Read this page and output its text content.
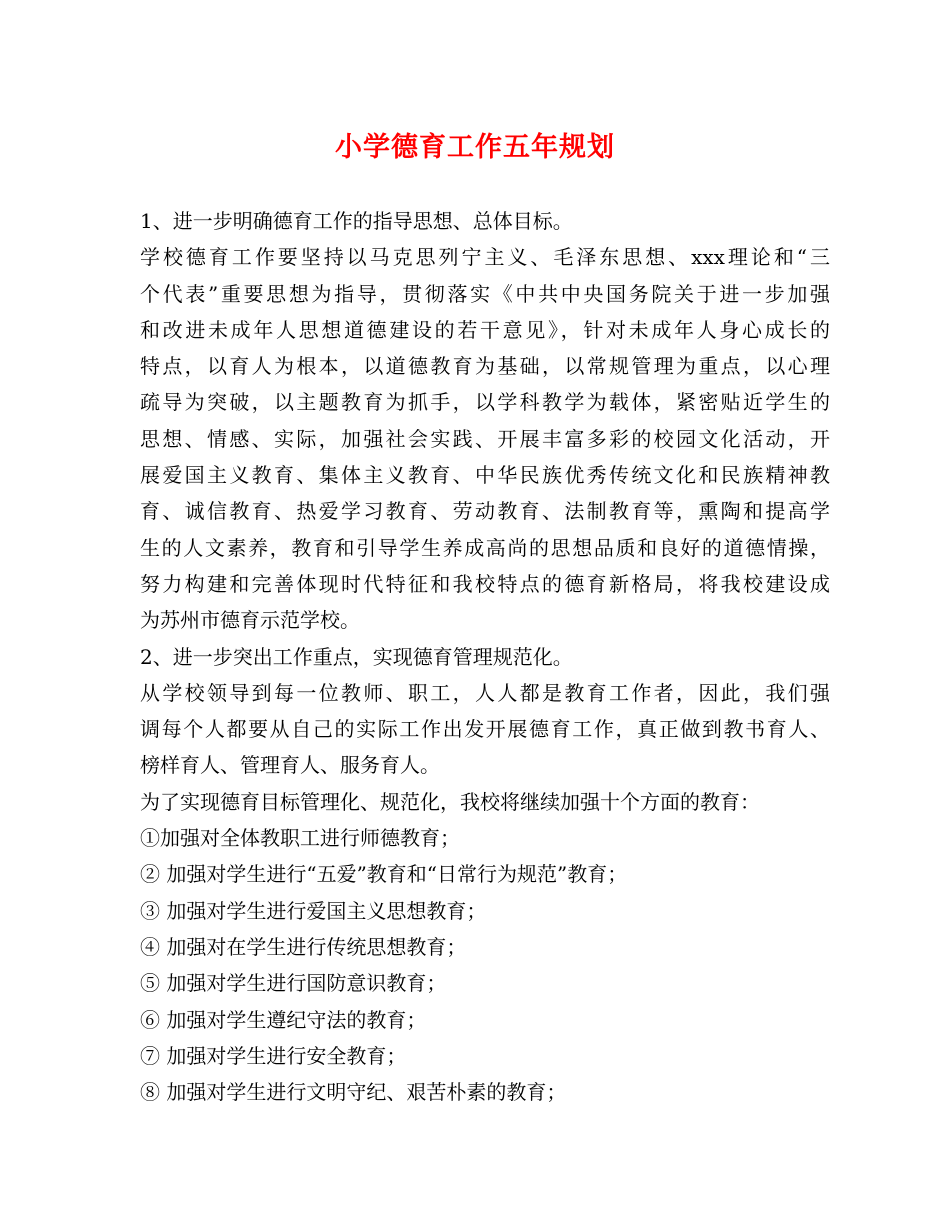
小学德育工作五年规划
1、进一步明确德育工作的指导思想、总体目标。
学校德育工作要坚持以马克思列宁主义、毛泽东思想、xxx理论和“三
个代表”重要思想为指导，贯彻落实《中共中央国务院关于进一步加强
和改进未成年人思想道德建设的若干意见》，针对未成年人身心成长的
特点，以育人为根本，以道德教育为基础，以常规管理为重点，以心理
疏导为突破，以主题教育为抓手，以学科教学为载体，紧密贴近学生的
思想、情感、实际，加强社会实践、开展丰富多彩的校园文化活动，开
展爱国主义教育、集体主义教育、中华民族优秀传统文化和民族精神教
育、诚信教育、热爱学习教育、劳动教育、法制教育等，熏陶和提高学
生的人文素养，教育和引导学生养成高尚的思想品质和良好的道德情操，
努力构建和完善体现时代特征和我校特点的德育新格局，将我校建设成
为苏州市德育示范学校。
2、进一步突出工作重点，实现德育管理规范化。
从学校领导到每一位教师、职工，人人都是教育工作者，因此，我们强
调每个人都要从自己的实际工作出发开展德育工作，真正做到教书育人、
榜样育人、管理育人、服务育人。
为了实现德育目标管理化、规范化，我校将继续加强十个方面的教育：
①加强对全体教职工进行师德教育；
② 加强对学生进行“五爱”教育和“日常行为规范”教育；
③ 加强对学生进行爱国主义思想教育；
④ 加强对在学生进行传统思想教育；
⑤ 加强对学生进行国防意识教育；
⑥ 加强对学生遵纪守法的教育；
⑦ 加强对学生进行安全教育；
⑧ 加强对学生进行文明守纪、艰苦朴素的教育；
